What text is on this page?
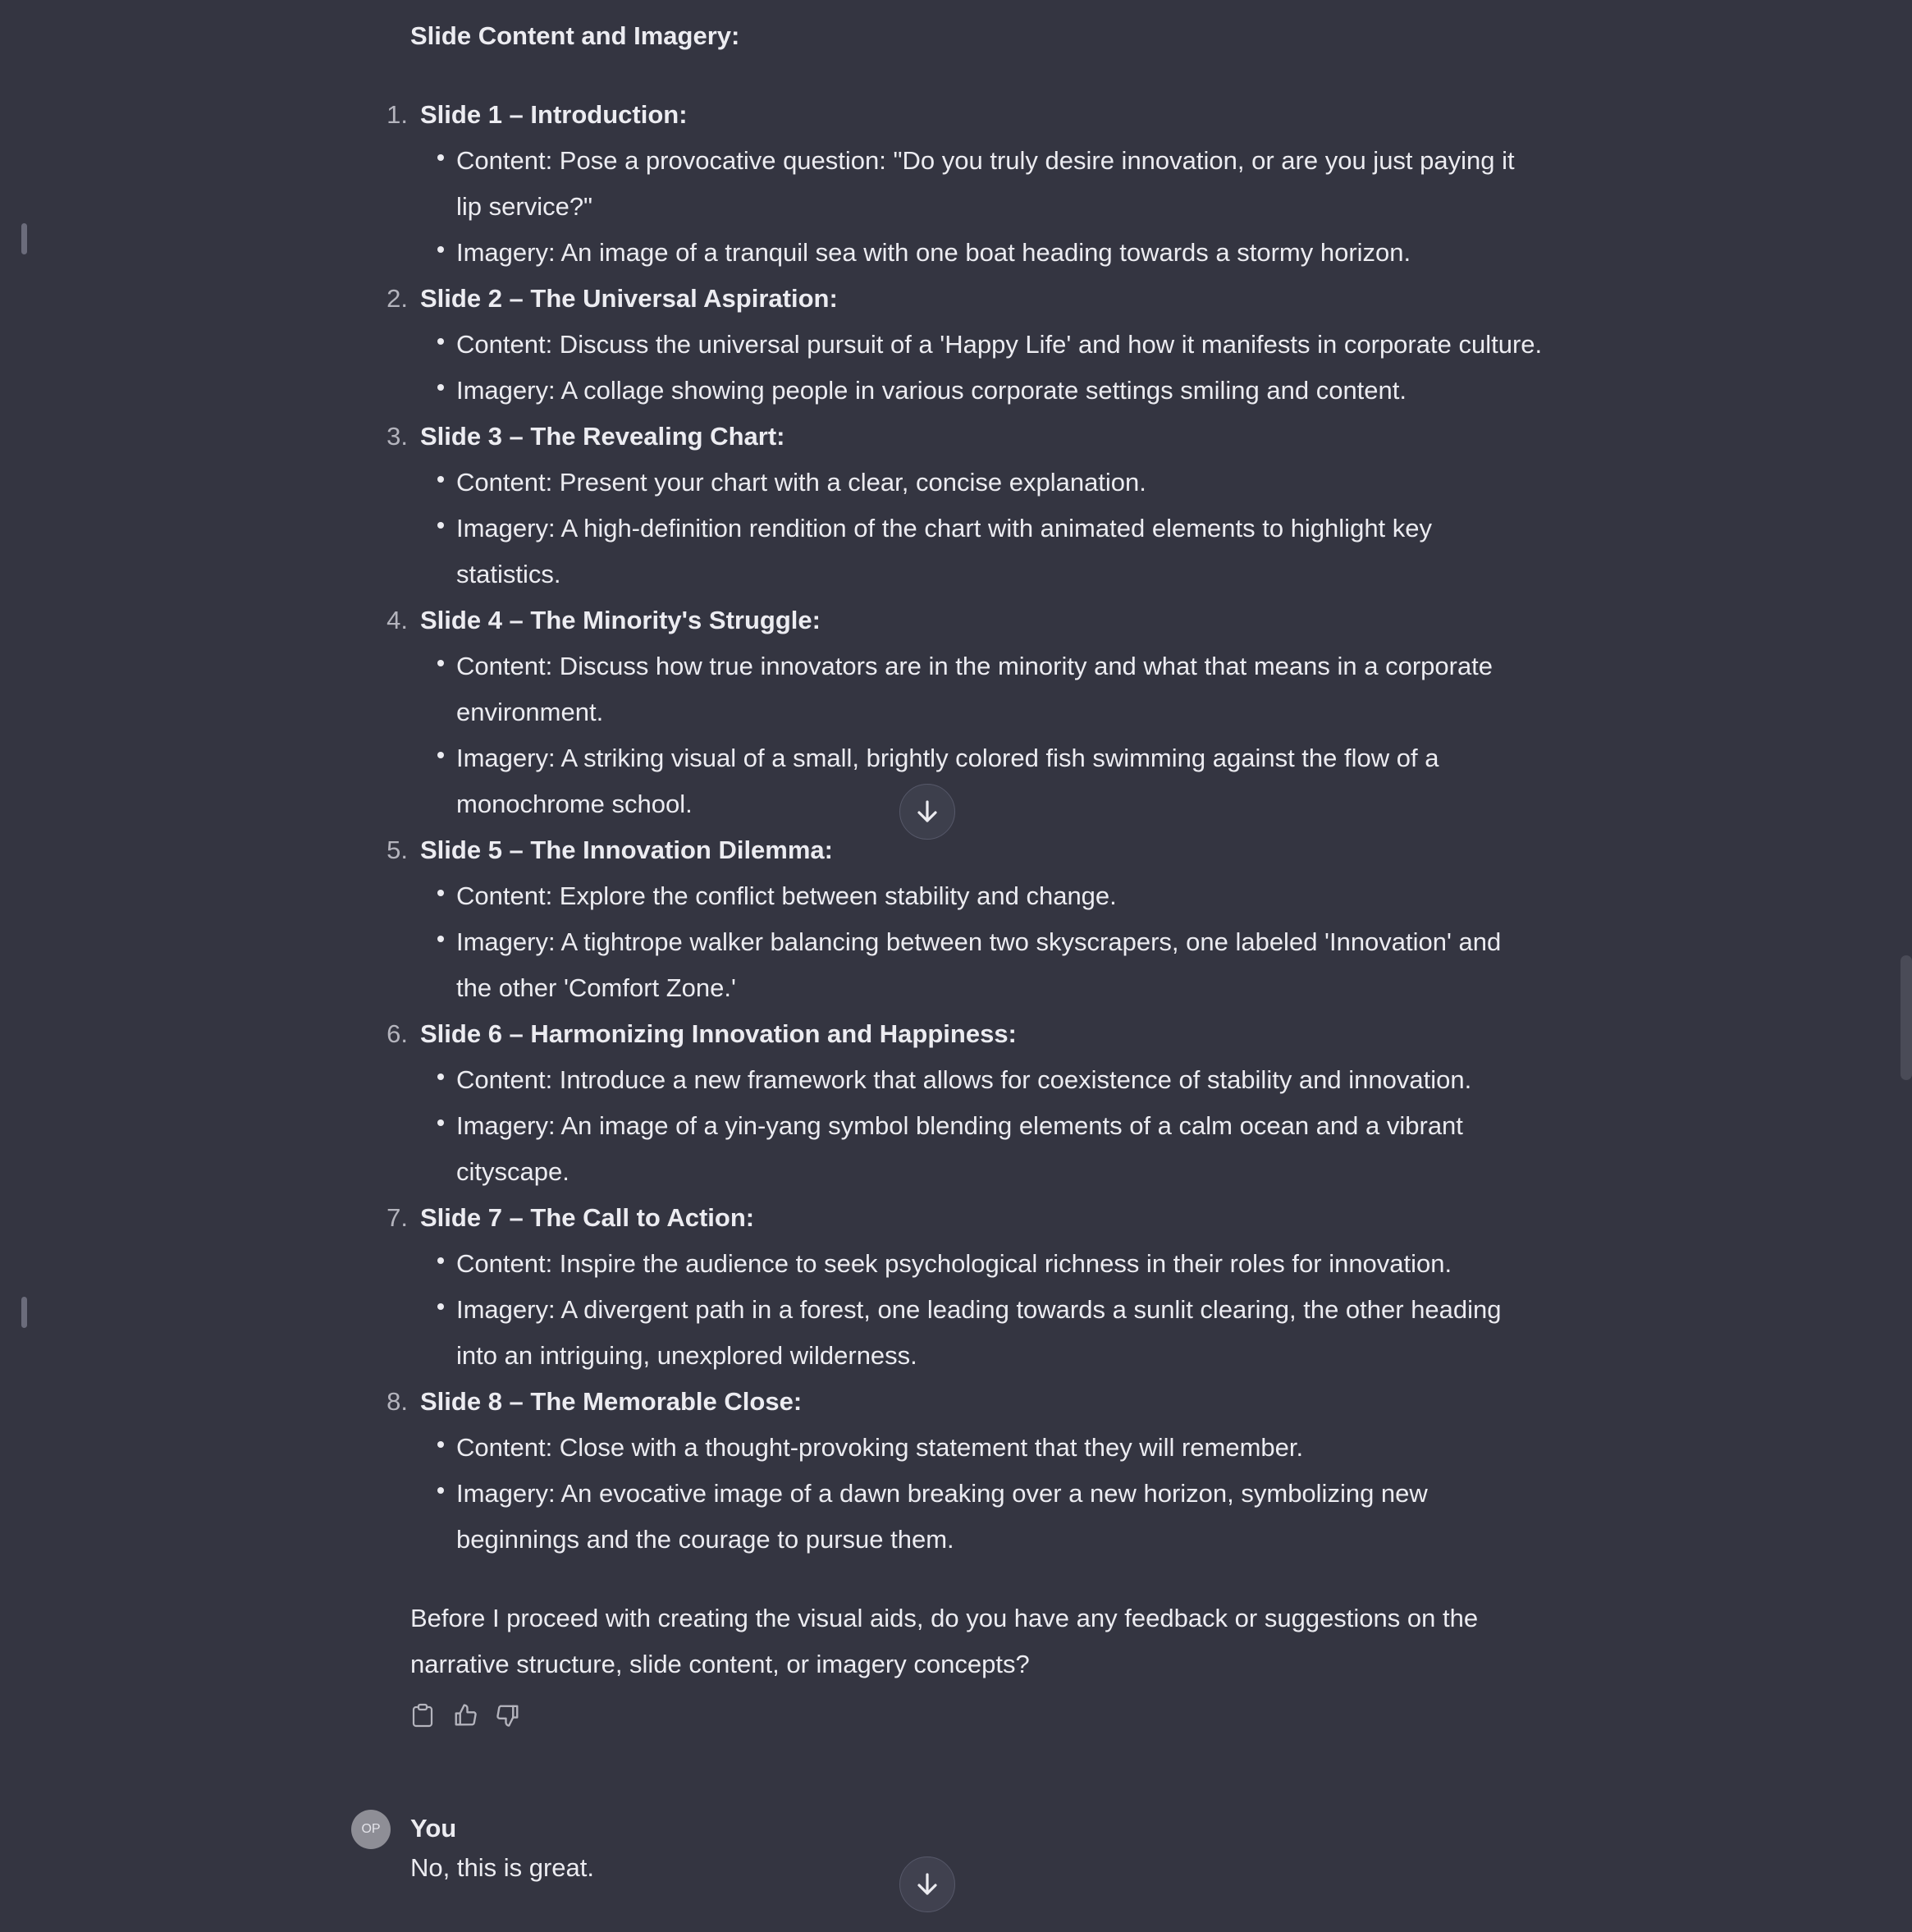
Slide Content and Imagery:
1. Slide 1 – Introduction:
Content: Pose a provocative question: "Do you truly desire innovation, or are you just paying it lip service?"
Imagery: An image of a tranquil sea with one boat heading towards a stormy horizon.
2. Slide 2 – The Universal Aspiration:
Content: Discuss the universal pursuit of a 'Happy Life' and how it manifests in corporate culture.
Imagery: A collage showing people in various corporate settings smiling and content.
3. Slide 3 – The Revealing Chart:
Content: Present your chart with a clear, concise explanation.
Imagery: A high-definition rendition of the chart with animated elements to highlight key statistics.
4. Slide 4 – The Minority's Struggle:
Content: Discuss how true innovators are in the minority and what that means in a corporate environment.
Imagery: A striking visual of a small, brightly colored fish swimming against the flow of a monochrome school.
5. Slide 5 – The Innovation Dilemma:
Content: Explore the conflict between stability and change.
Imagery: A tightrope walker balancing between two skyscrapers, one labeled 'Innovation' and the other 'Comfort Zone.'
6. Slide 6 – Harmonizing Innovation and Happiness:
Content: Introduce a new framework that allows for coexistence of stability and innovation.
Imagery: An image of a yin-yang symbol blending elements of a calm ocean and a vibrant cityscape.
7. Slide 7 – The Call to Action:
Content: Inspire the audience to seek psychological richness in their roles for innovation.
Imagery: A divergent path in a forest, one leading towards a sunlit clearing, the other heading into an intriguing, unexplored wilderness.
8. Slide 8 – The Memorable Close:
Content: Close with a thought-provoking statement that they will remember.
Imagery: An evocative image of a dawn breaking over a new horizon, symbolizing new beginnings and the courage to pursue them.
Before I proceed with creating the visual aids, do you have any feedback or suggestions on the narrative structure, slide content, or imagery concepts?
OP	You
No, this is great.
